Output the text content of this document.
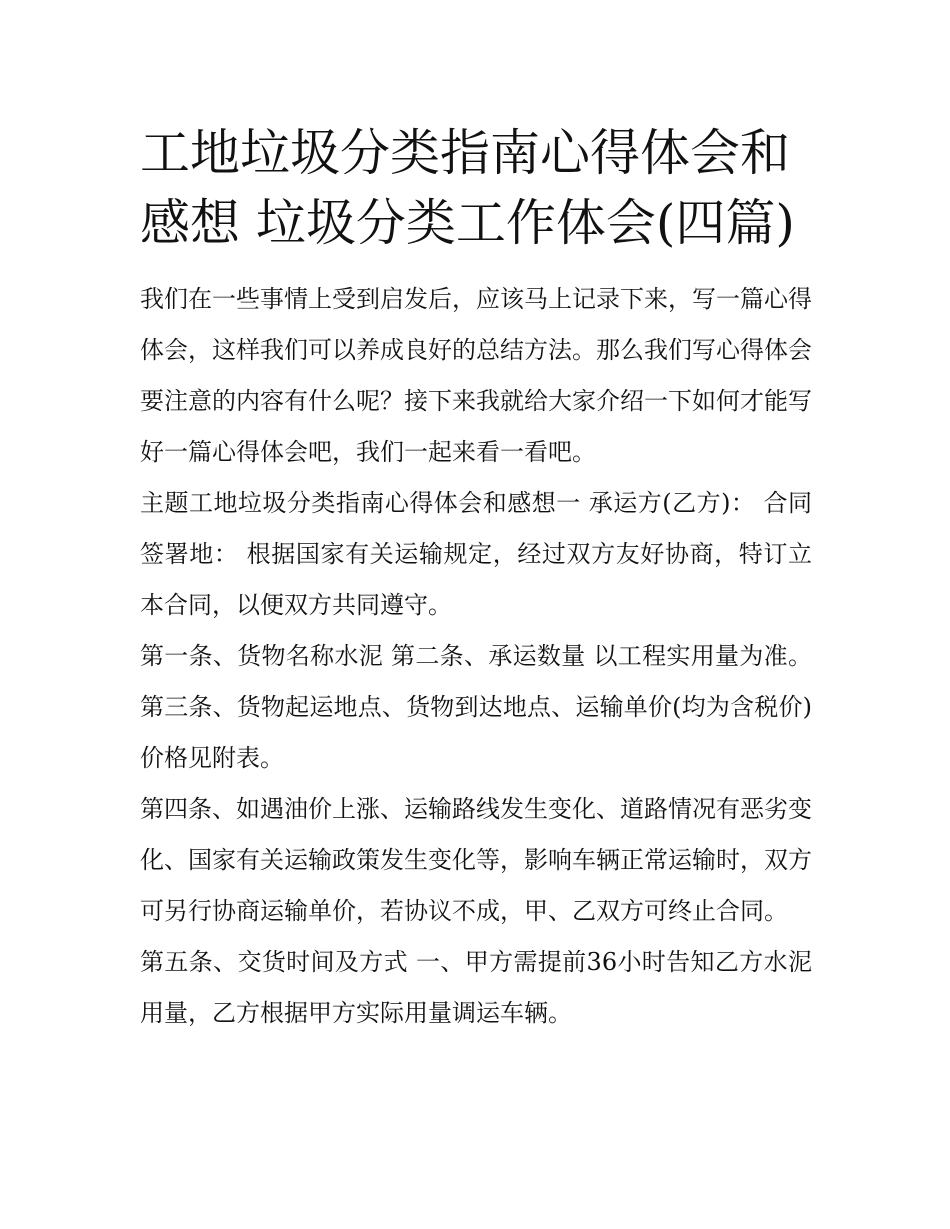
工地垃圾分类指南心得体会和感想 垃圾分类工作体会(四篇)

我们在一些事情上受到启发后，应该马上记录下来，写一篇心得体会，这样我们可以养成良好的总结方法。那么我们写心得体会要注意的内容有什么呢？接下来我就给大家介绍一下如何才能写好一篇心得体会吧，我们一起来看一看吧。

主题工地垃圾分类指南心得体会和感想一 承运方(乙方)： 合同签署地： 根据国家有关运输规定，经过双方友好协商，特订立本合同，以便双方共同遵守。

第一条、货物名称水泥 第二条、承运数量 以工程实用量为准。 第三条、货物起运地点、货物到达地点、运输单价(均为含税价)价格见附表。

第四条、如遇油价上涨、运输路线发生变化、道路情况有恶劣变化、国家有关运输政策发生变化等，影响车辆正常运输时，双方可另行协商运输单价，若协议不成，甲、乙双方可终止合同。

第五条、交货时间及方式 一、甲方需提前36小时告知乙方水泥用量，乙方根据甲方实际用量调运车辆。
